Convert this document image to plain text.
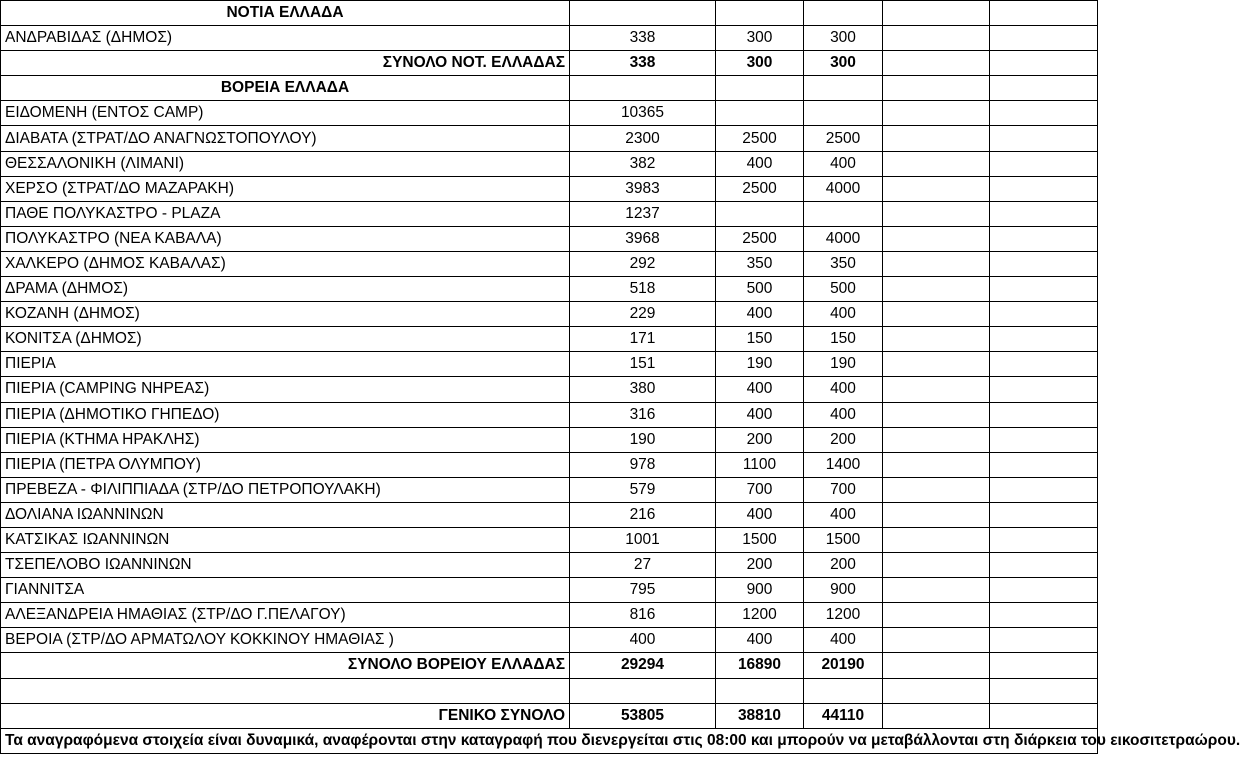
ΝΟΤΙΑ ΕΛΛΑΔΑ					
ΑΝΔΡΑΒΙΔΑΣ (ΔΗΜΟΣ)	338	300	300		
ΣΥΝΟΛΟ ΝΟΤ. ΕΛΛΑΔΑΣ	338	300	300		
ΒΟΡΕΙΑ ΕΛΛΑΔΑ					
ΕΙΔΟΜΕΝΗ (ΕΝΤΟΣ CAMP)	10365				
ΔΙΑΒΑΤΑ (ΣΤΡΑΤ/ΔΟ ΑΝΑΓΝΩΣΤΟΠΟΥΛΟΥ)	2300	2500	2500		
ΘΕΣΣΑΛΟΝΙΚΗ (ΛΙΜΑΝΙ)	382	400	400		
ΧΕΡΣΟ (ΣΤΡΑΤ/ΔΟ ΜΑΖΑΡΑΚΗ)	3983	2500	4000		
ΠΑΘΕ ΠΟΛΥΚΑΣΤΡΟ - PLAZA	1237				
ΠΟΛΥΚΑΣΤΡΟ (ΝΕΑ ΚΑΒΑΛΑ)	3968	2500	4000		
ΧΑΛΚΕΡΟ (ΔΗΜΟΣ ΚΑΒΑΛΑΣ)	292	350	350		
ΔΡΑΜΑ (ΔΗΜΟΣ)	518	500	500		
ΚΟΖΑΝΗ (ΔΗΜΟΣ)	229	400	400		
ΚΟΝΙΤΣΑ (ΔΗΜΟΣ)	171	150	150		
ΠΙΕΡΙΑ	151	190	190		
ΠΙΕΡΙΑ (CAMPING ΝΗΡΕΑΣ)	380	400	400		
ΠΙΕΡΙΑ (ΔΗΜΟΤΙΚΟ ΓΗΠΕΔΟ)	316	400	400		
ΠΙΕΡΙΑ (ΚΤΗΜΑ ΗΡΑΚΛΗΣ)	190	200	200		
ΠΙΕΡΙΑ (ΠΕΤΡΑ ΟΛΥΜΠΟΥ)	978	1100	1400		
ΠΡΕΒΕΖΑ - ΦΙΛΙΠΠΙΑΔΑ (ΣΤΡ/ΔΟ ΠΕΤΡΟΠΟΥΛΑΚΗ)	579	700	700		
ΔΟΛΙΑΝΑ ΙΩΑΝΝΙΝΩΝ	216	400	400		
ΚΑΤΣΙΚΑΣ ΙΩΑΝΝΙΝΩΝ	1001	1500	1500		
ΤΣΕΠΕΛΟΒΟ ΙΩΑΝΝΙΝΩΝ	27	200	200		
ΓΙΑΝΝΙΤΣΑ	795	900	900		
ΑΛΕΞΑΝΔΡΕΙΑ ΗΜΑΘΙΑΣ (ΣΤΡ/ΔΟ Γ.ΠΕΛΑΓΟΥ)	816	1200	1200		
ΒΕΡΟΙΑ (ΣΤΡ/ΔΟ ΑΡΜΑΤΩΛΟΥ ΚΟΚΚΙΝΟΥ ΗΜΑΘΙΑΣ )	400	400	400		
ΣΥΝΟΛΟ ΒΟΡΕΙΟΥ ΕΛΛΑΔΑΣ	29294	16890	20190		

ΓΕΝΙΚΟ ΣΥΝΟΛΟ	53805	38810	44110		
Τα αναγραφόμενα στοιχεία είναι δυναμικά, αναφέρονται στην καταγραφή που διενεργείται στις 08:00 και μπορούν να μεταβάλλονται στη διάρκεια του εικοσιτετραώρου.					
